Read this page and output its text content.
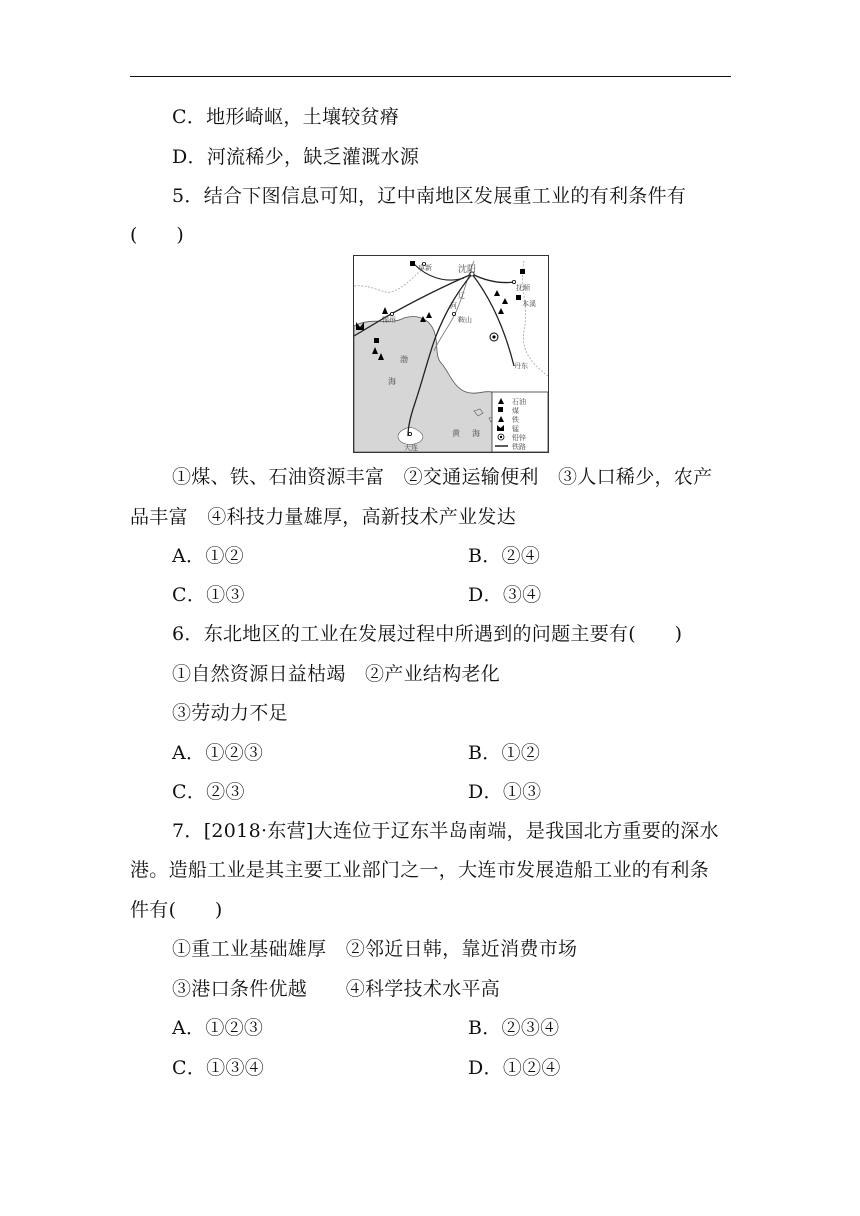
C．地形崎岖，土壤较贫瘠
D．河流稀少，缺乏灌溉水源
5．结合下图信息可知，辽中南地区发展重工业的有利条件有
(　　)
阜新	沈阳
抚顺
本溪
锦州	鞍山
丹东
大连
辽
河
渤
海
黄 海
石油
煤
铁
锰
铅锌
铁路
①煤、铁、石油资源丰富　②交通运输便利　③人口稀少，农产
品丰富　④科技力量雄厚，高新技术产业发达
A．①②	B．②④
C．①③	D．③④
6．东北地区的工业在发展过程中所遇到的问题主要有(　　)
①自然资源日益枯竭　②产业结构老化
③劳动力不足
A．①②③	B．①②
C．②③	D．①③
7．[2018·东营]大连位于辽东半岛南端，是我国北方重要的深水
港。造船工业是其主要工业部门之一，大连市发展造船工业的有利条
件有(　　)
①重工业基础雄厚　②邻近日韩，靠近消费市场
③港口条件优越　　④科学技术水平高
A．①②③	B．②③④
C．①③④	D．①②④
